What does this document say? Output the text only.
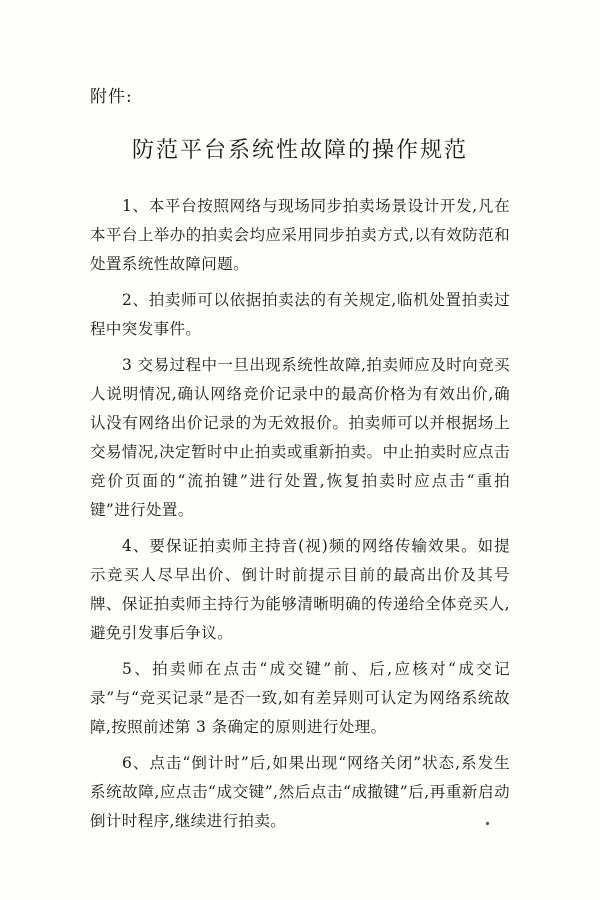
附件:
防范平台系统性故障的操作规范

1、本平台按照网络与现场同步拍卖场景设计开发,凡在本平台上举办的拍卖会均应采用同步拍卖方式,以有效防范和处置系统性故障问题。

2、拍卖师可以依据拍卖法的有关规定,临机处置拍卖过程中突发事件。

3 交易过程中一旦出现系统性故障,拍卖师应及时向竞买人说明情况,确认网络竞价记录中的最高价格为有效出价,确认没有网络出价记录的为无效报价。拍卖师可以并根据场上交易情况,决定暂时中止拍卖或重新拍卖。中止拍卖时应点击竞价页面的“流拍键”进行处置,恢复拍卖时应点击“重拍键”进行处置。

4、要保证拍卖师主持音(视)频的网络传输效果。如提示竞买人尽早出价、倒计时前提示目前的最高出价及其号牌、保证拍卖师主持行为能够清晰明确的传递给全体竞买人,避免引发事后争议。

5、拍卖师在点击“成交键”前、后,应核对“成交记录”与“竞买记录”是否一致,如有差异则可认定为网络系统故障,按照前述第 3 条确定的原则进行处理。

6、点击“倒计时”后,如果出现“网络关闭”状态,系发生系统故障,应点击“成交键”,然后点击“成撤键”后,再重新启动倒计时程序,继续进行拍卖。
